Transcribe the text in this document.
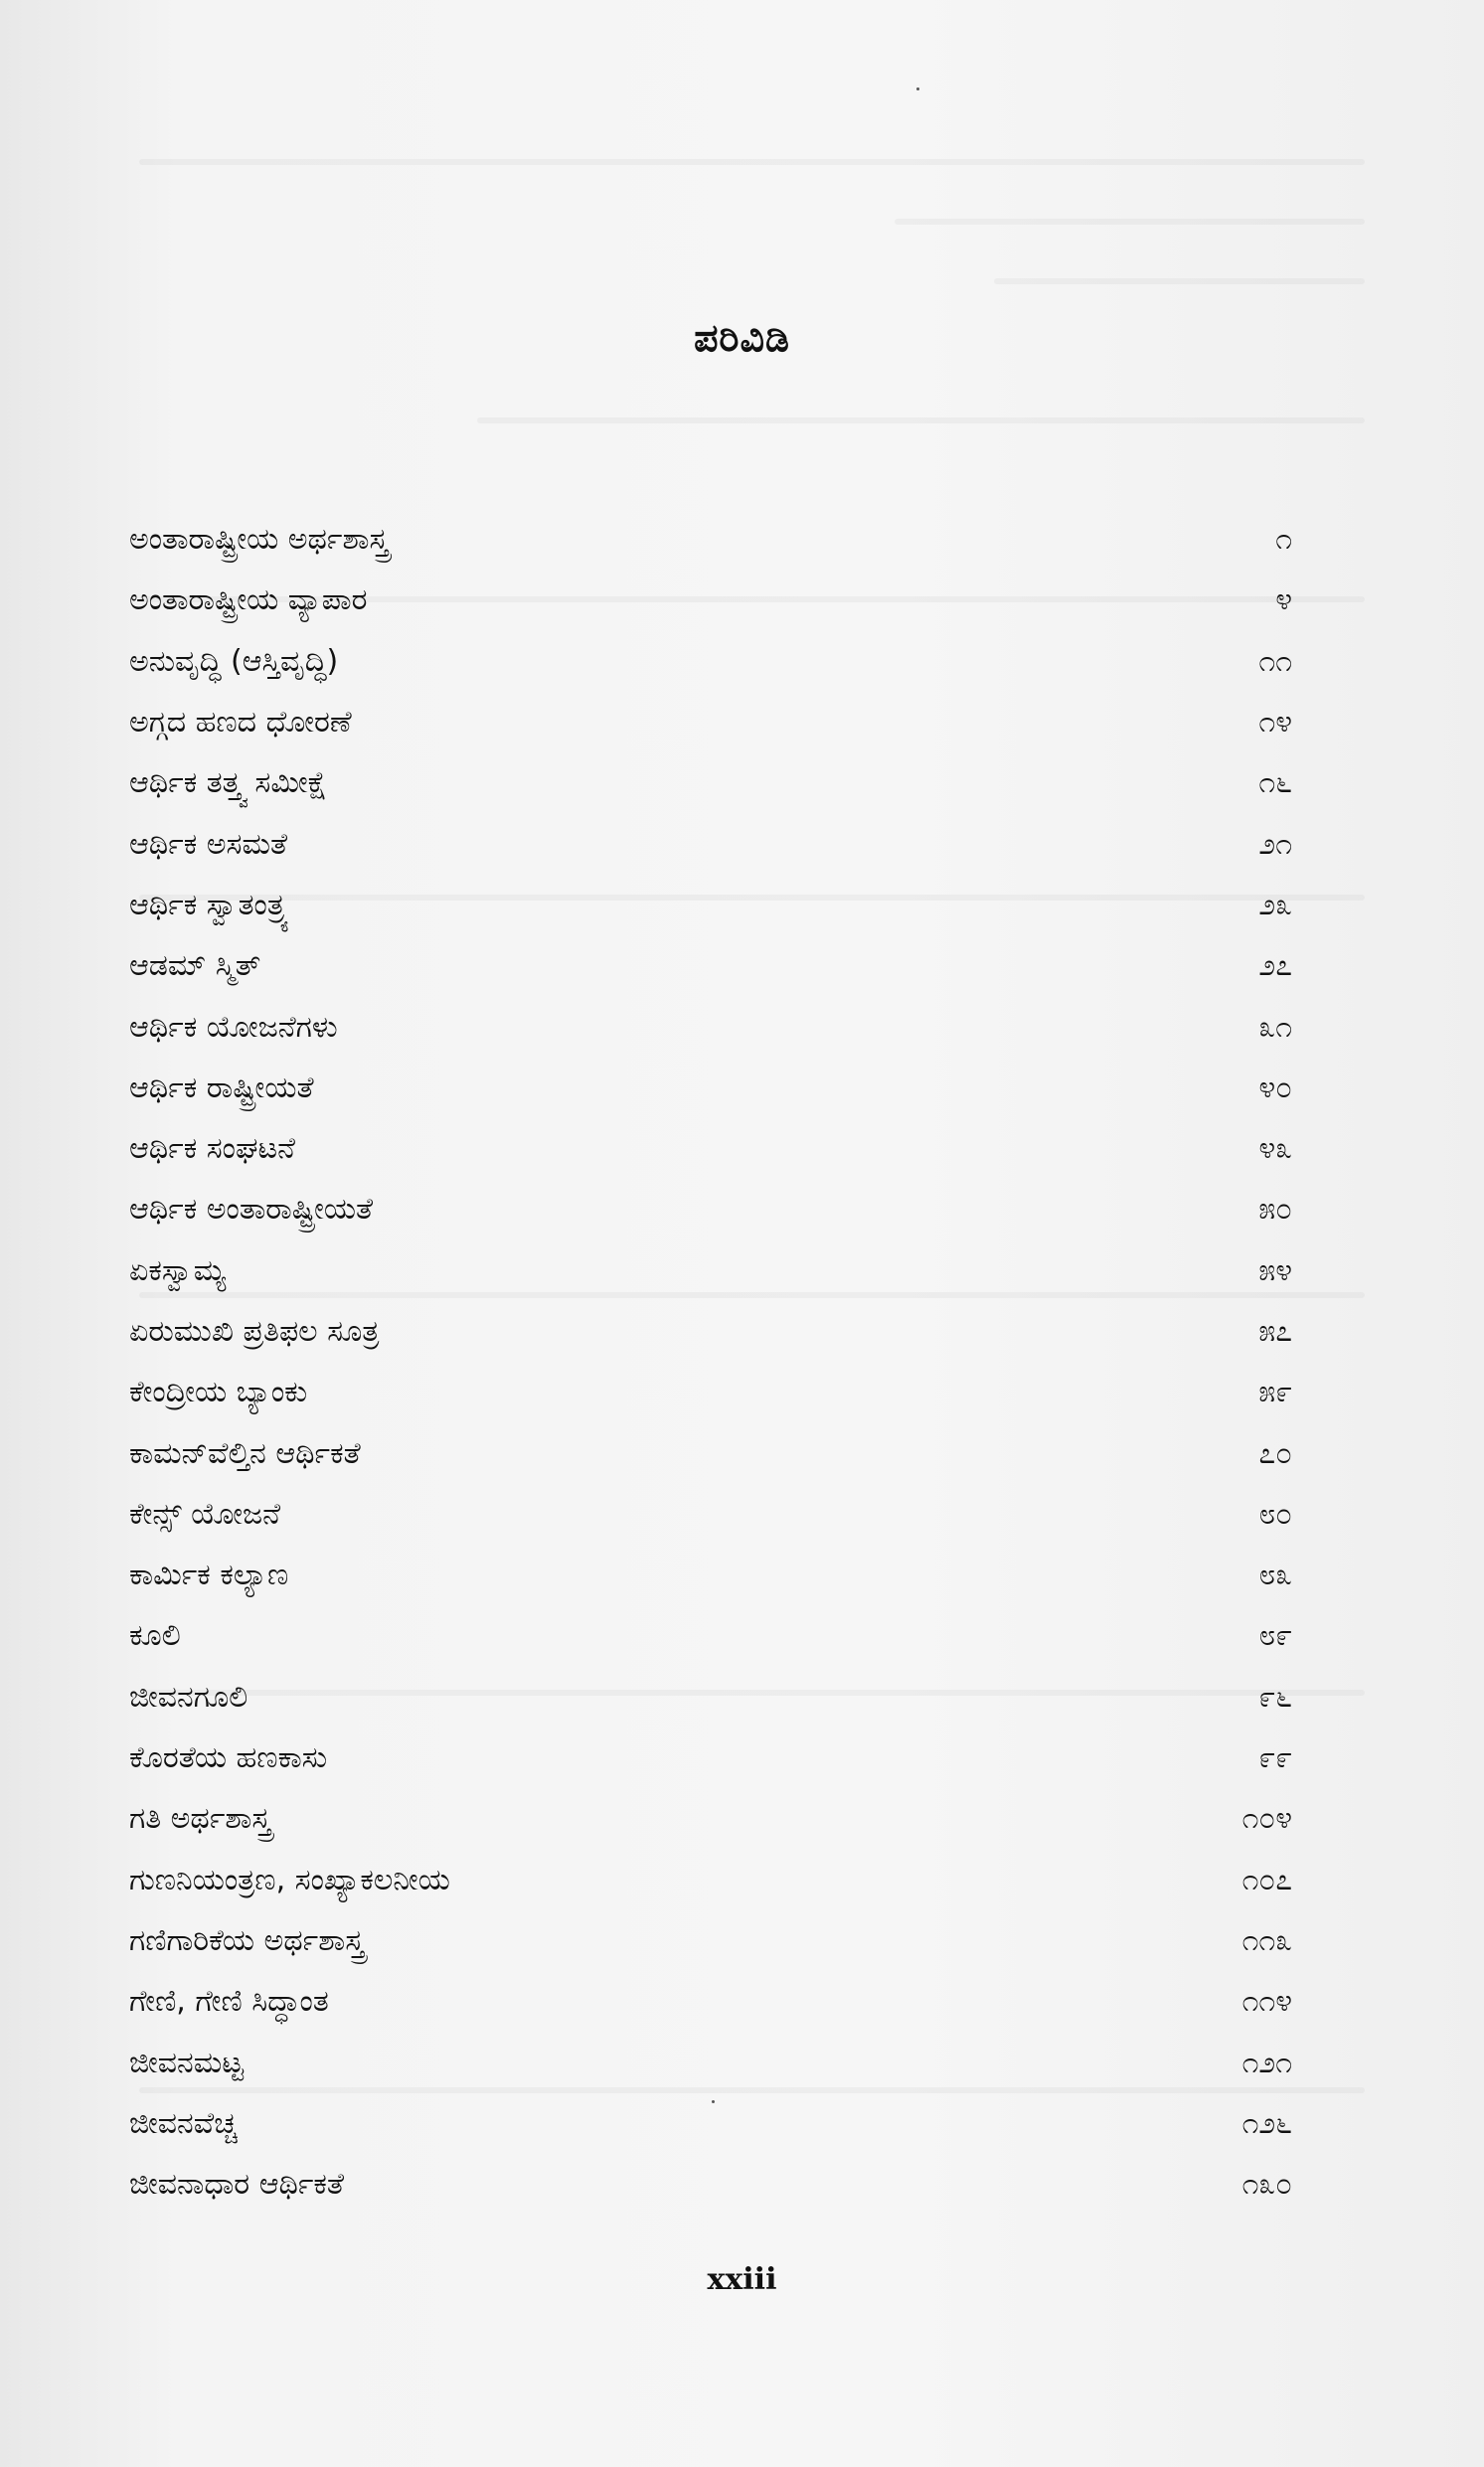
ಪರಿವಿಡಿ
ಅಂತಾರಾಷ್ಟ್ರೀಯ ಅರ್ಥಶಾಸ್ತ್ರ	೧
ಅಂತಾರಾಷ್ಟ್ರೀಯ ವ್ಯಾಪಾರ	೪
ಅನುವೃದ್ಧಿ (ಆಸ್ತಿವೃದ್ಧಿ)	೧೧
ಅಗ್ಗದ ಹಣದ ಧೋರಣೆ	೧೪
ಆರ್ಥಿಕ ತತ್ತ್ವ ಸಮೀಕ್ಷೆ	೧೬
ಆರ್ಥಿಕ ಅಸಮತೆ	೨೧
ಆರ್ಥಿಕ ಸ್ವಾತಂತ್ರ್ಯ	೨೩
ಆಡಮ್ ಸ್ಮಿತ್	೨೭
ಆರ್ಥಿಕ ಯೋಜನೆಗಳು	೩೧
ಆರ್ಥಿಕ ರಾಷ್ಟ್ರೀಯತೆ	೪೦
ಆರ್ಥಿಕ ಸಂಘಟನೆ	೪೩
ಆರ್ಥಿಕ ಅಂತಾರಾಷ್ಟ್ರೀಯತೆ	೫೦
ಏಕಸ್ವಾಮ್ಯ	೫೪
ಏರುಮುಖಿ ಪ್ರತಿಫಲ ಸೂತ್ರ	೫೭
ಕೇಂದ್ರೀಯ ಬ್ಯಾಂಕು	೫೯
ಕಾಮನ್‌ವೆಲ್ತಿನ ಆರ್ಥಿಕತೆ	೭೦
ಕೇನ್ಸ್ ಯೋಜನೆ	೮೦
ಕಾರ್ಮಿಕ ಕಲ್ಯಾಣ	೮೩
ಕೂಲಿ	೮೯
ಜೀವನಗೂಲಿ	೯೬
ಕೊರತೆಯ ಹಣಕಾಸು	೯೯
ಗತಿ ಅರ್ಥಶಾಸ್ತ್ರ	೧೦೪
ಗುಣನಿಯಂತ್ರಣ, ಸಂಖ್ಯಾಕಲನೀಯ	೧೦೭
ಗಣಿಗಾರಿಕೆಯ ಅರ್ಥಶಾಸ್ತ್ರ	೧೧೩
ಗೇಣಿ, ಗೇಣಿ ಸಿದ್ಧಾಂತ	೧೧೪
ಜೀವನಮಟ್ಟ	೧೨೧
ಜೀವನವೆಚ್ಚ	೧೨೬
ಜೀವನಾಧಾರ ಆರ್ಥಿಕತೆ	೧೩೦
xxiii
